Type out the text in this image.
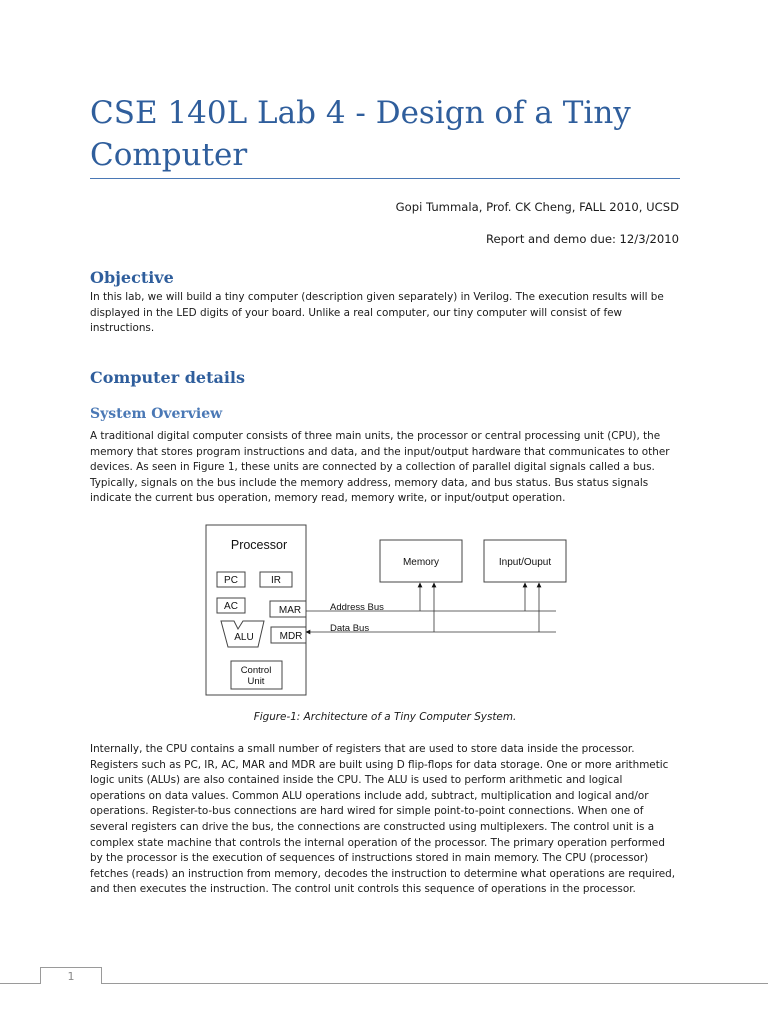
CSE 140L Lab 4 - Design of a Tiny Computer
Gopi Tummala, Prof. CK Cheng, FALL 2010, UCSD
Report and demo due: 12/3/2010
Objective

In this lab, we will build a tiny computer (description given separately) in Verilog. The execution results will be displayed in the LED digits of your board. Unlike a real computer, our tiny computer will consist of few instructions.

Computer details
System Overview

A traditional digital computer consists of three main units, the processor or central processing unit (CPU), the memory that stores program instructions and data, and the input/output hardware that communicates to other devices. As seen in Figure 1, these units are connected by a collection of parallel digital signals called a bus. Typically, signals on the bus include the memory address, memory data, and bus status. Bus status signals indicate the current bus operation, memory read, memory write, or input/output operation.

Processor
PC	IR
AC	MAR
ALU	MDR
Control
Unit
Memory	Input/Ouput
Address Bus
Data Bus
Figure-1: Architecture of a Tiny Computer System.

Internally, the CPU contains a small number of registers that are used to store data inside the processor. Registers such as PC, IR, AC, MAR and MDR are built using D flip-flops for data storage. One or more arithmetic logic units (ALUs) are also contained inside the CPU. The ALU is used to perform arithmetic and logical operations on data values. Common ALU operations include add, subtract, multiplication and logical and/or operations. Register-to-bus connections are hard wired for simple point-to-point connections. When one of several registers can drive the bus, the connections are constructed using multiplexers. The control unit is a complex state machine that controls the internal operation of the processor. The primary operation performed by the processor is the execution of sequences of instructions stored in main memory. The CPU (processor) fetches (reads) an instruction from memory, decodes the instruction to determine what operations are required, and then executes the instruction. The control unit controls this sequence of operations in the processor.

1
